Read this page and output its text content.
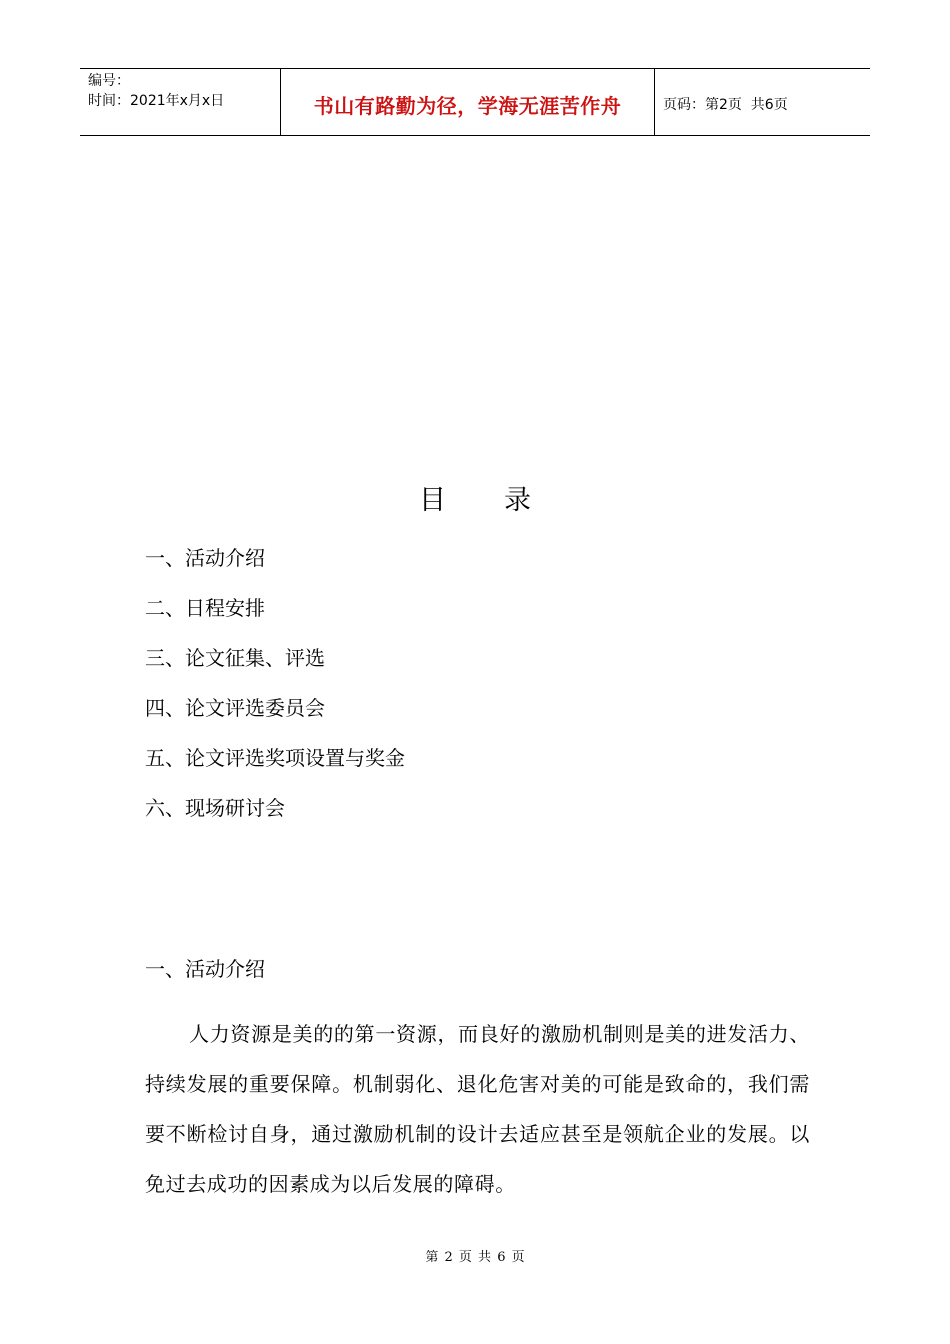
编号：
时间：2021年x月x日	书山有路勤为径，学海无涯苦作舟	页码：第2页  共6页
目 录
一、活动介绍
二、日程安排
三、论文征集、评选
四、论文评选委员会
五、论文评选奖项设置与奖金
六、现场研讨会
一、活动介绍

人力资源是美的的第一资源，而良好的激励机制则是美的进发活力、持续发展的重要保障。机制弱化、退化危害对美的可能是致命的，我们需要不断检讨自身，通过激励机制的设计去适应甚至是领航企业的发展。以免过去成功的因素成为以后发展的障碍。

第 2 页 共 6 页
